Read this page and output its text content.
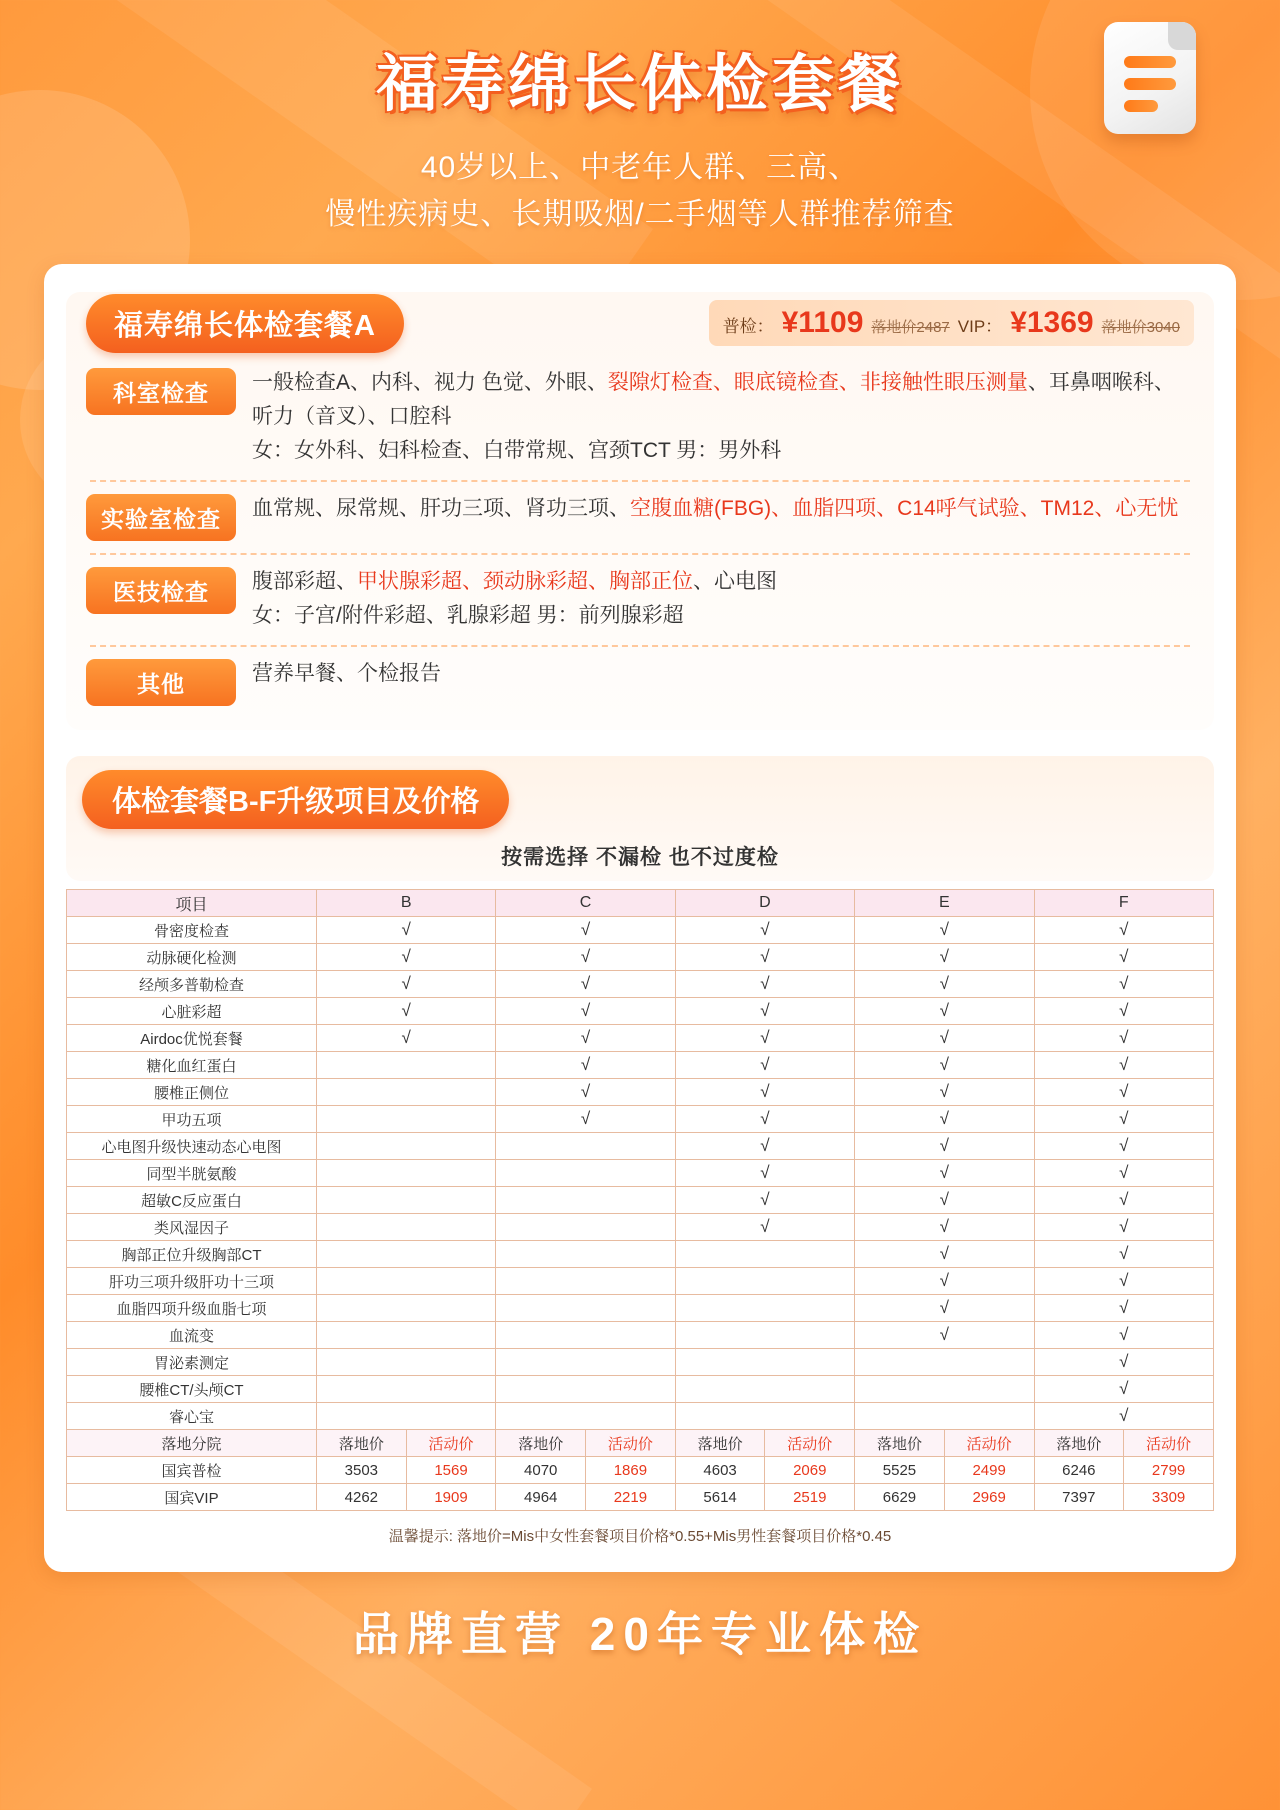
福寿绵长体检套餐
40岁以上、中老年人群、三高、
慢性疾病史、长期吸烟/二手烟等人群推荐筛查
福寿绵长体检套餐A	普检： ¥1109 落地价2487 VIP： ¥1369 落地价3040
科室检查	一般检查A、内科、视力 色觉、外眼、裂隙灯检查、眼底镜检查、非接触性眼压测量、耳鼻咽喉科、听力（音叉）、口腔科
女：女外科、妇科检查、白带常规、宫颈TCT 男：男外科
实验室检查	血常规、尿常规、肝功三项、肾功三项、空腹血糖(FBG)、血脂四项、C14呼气试验、TM12、心无忧
医技检查	腹部彩超、甲状腺彩超、颈动脉彩超、胸部正位、心电图
女：子宫/附件彩超、乳腺彩超 男：前列腺彩超
其他	营养早餐、个检报告
体检套餐B-F升级项目及价格
按需选择 不漏检 也不过度检
项目	B		C		D		E		F	
骨密度检查	√		√		√		√		√	
动脉硬化检测	√		√		√		√		√	
经颅多普勒检查	√		√		√		√		√	
心脏彩超	√		√		√		√		√	
Airdoc优悦套餐	√		√		√		√		√	
糖化血红蛋白			√		√		√		√	
腰椎正侧位			√		√		√		√	
甲功五项			√		√		√		√	
心电图升级快速动态心电图					√		√		√	
同型半胱氨酸					√		√		√	
超敏C反应蛋白					√		√		√	
类风湿因子					√		√		√	
胸部正位升级胸部CT							√		√	
肝功三项升级肝功十三项							√		√	
血脂四项升级血脂七项							√		√	
血流变							√		√	
胃泌素测定									√	
腰椎CT/头颅CT									√	
睿心宝									√	
落地分院	落地价	活动价	落地价	活动价	落地价	活动价	落地价	活动价	落地价	活动价
国宾普检	3503	1569	4070	1869	4603	2069	5525	2499	6246	2799
国宾VIP	4262	1909	4964	2219	5614	2519	6629	2969	7397	3309
温馨提示: 落地价=Mis中女性套餐项目价格*0.55+Mis男性套餐项目价格*0.45
品牌直营 20年专业体检
